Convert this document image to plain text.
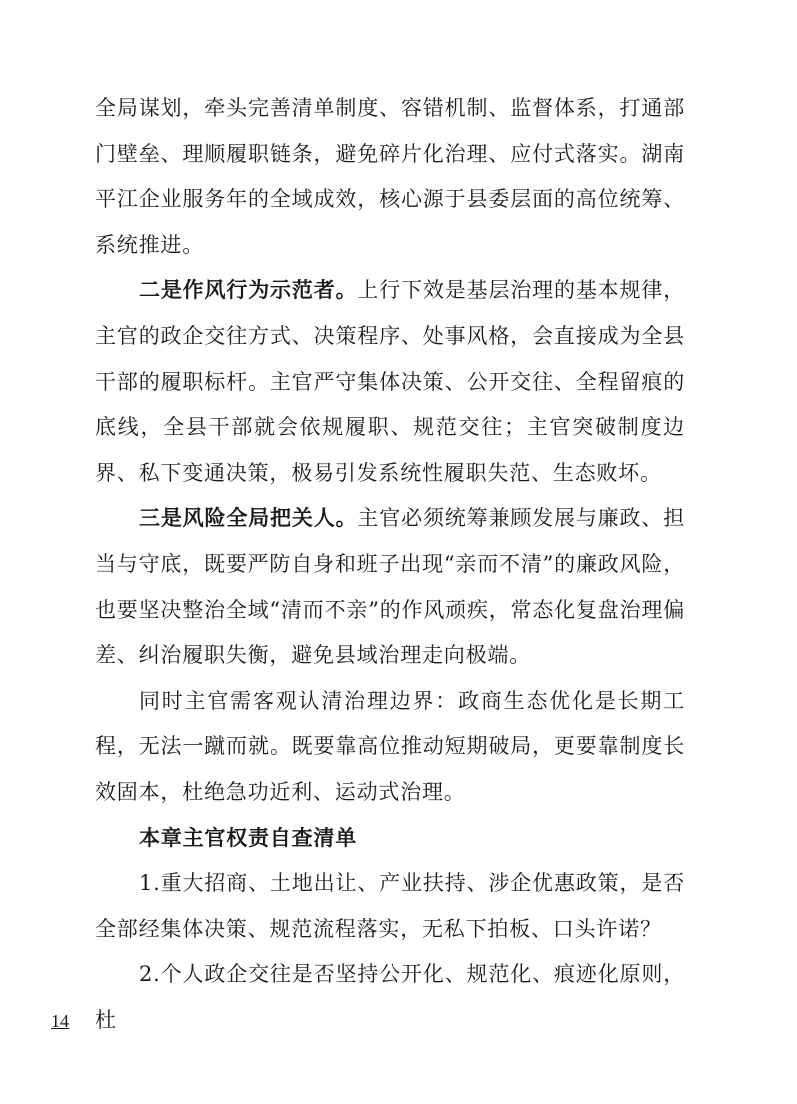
全局谋划，牵头完善清单制度、容错机制、监督体系，打通部门壁垒、理顺履职链条，避免碎片化治理、应付式落实。湖南平江企业服务年的全域成效，核心源于县委层面的高位统筹、系统推进。

二是作风行为示范者。上行下效是基层治理的基本规律，主官的政企交往方式、决策程序、处事风格，会直接成为全县干部的履职标杆。主官严守集体决策、公开交往、全程留痕的底线，全县干部就会依规履职、规范交往；主官突破制度边界、私下变通决策，极易引发系统性履职失范、生态败坏。

三是风险全局把关人。主官必须统筹兼顾发展与廉政、担当与守底，既要严防自身和班子出现“亲而不清”的廉政风险，也要坚决整治全域“清而不亲”的作风顽疾，常态化复盘治理偏差、纠治履职失衡，避免县域治理走向极端。

同时主官需客观认清治理边界：政商生态优化是长期工程，无法一蹴而就。既要靠高位推动短期破局，更要靠制度长效固本，杜绝急功近利、运动式治理。

本章主官权责自查清单

1.重大招商、土地出让、产业扶持、涉企优惠政策，是否全部经集体决策、规范流程落实，无私下拍板、口头许诺？

2.个人政企交往是否坚持公开化、规范化、痕迹化原则，杜

14
